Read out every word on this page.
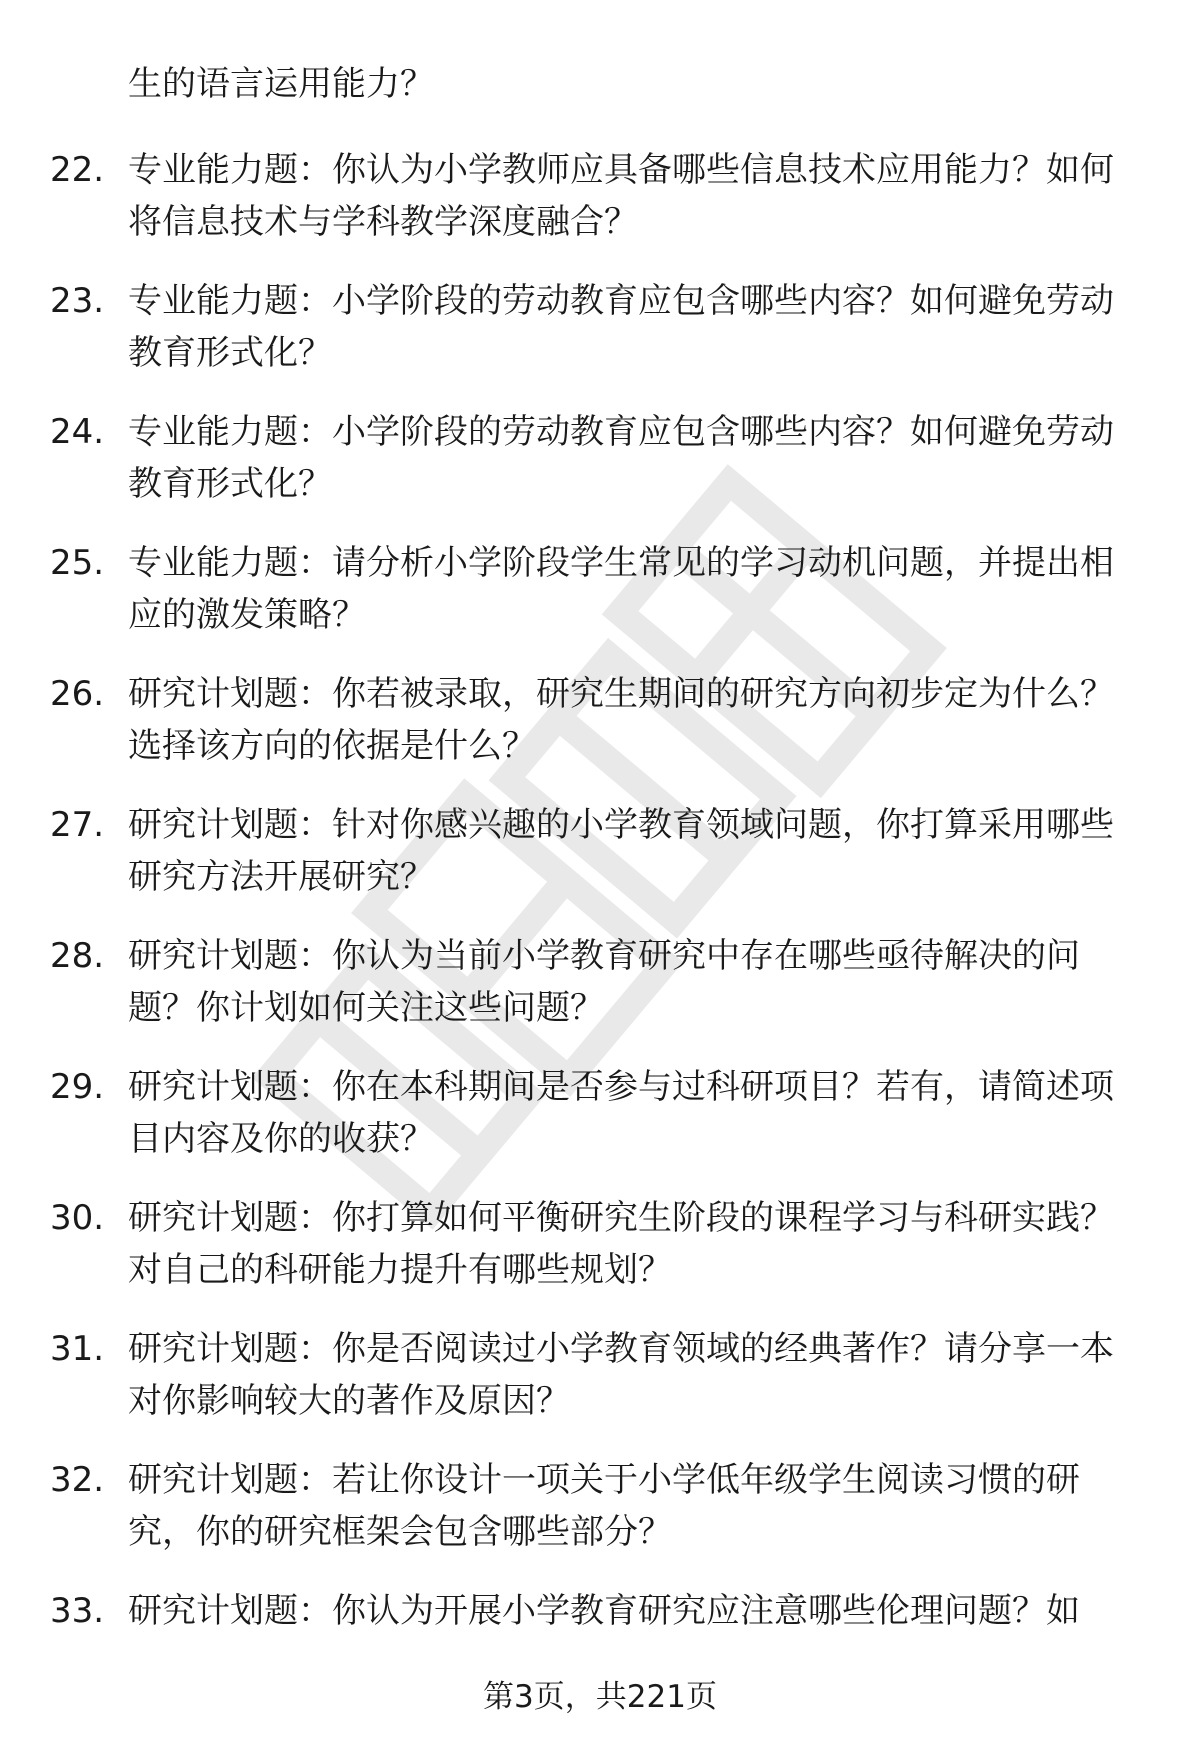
生的语言运用能力？

22. 专业能力题：你认为小学教师应具备哪些信息技术应用能力？如何将信息技术与学科教学深度融合？
23. 专业能力题：小学阶段的劳动教育应包含哪些内容？如何避免劳动教育形式化？
24. 专业能力题：小学阶段的劳动教育应包含哪些内容？如何避免劳动教育形式化？
25. 专业能力题：请分析小学阶段学生常见的学习动机问题，并提出相应的激发策略？
26. 研究计划题：你若被录取，研究生期间的研究方向初步定为什么？选择该方向的依据是什么？
27. 研究计划题：针对你感兴趣的小学教育领域问题，你打算采用哪些研究方法开展研究？
28. 研究计划题：你认为当前小学教育研究中存在哪些亟待解决的问题？你计划如何关注这些问题？
29. 研究计划题：你在本科期间是否参与过科研项目？若有，请简述项目内容及你的收获？
30. 研究计划题：你打算如何平衡研究生阶段的课程学习与科研实践？对自己的科研能力提升有哪些规划？
31. 研究计划题：你是否阅读过小学教育领域的经典著作？请分享一本对你影响较大的著作及原因？
32. 研究计划题：若让你设计一项关于小学低年级学生阅读习惯的研究，你的研究框架会包含哪些部分？
33. 研究计划题：你认为开展小学教育研究应注意哪些伦理问题？如
第3页，共221页
